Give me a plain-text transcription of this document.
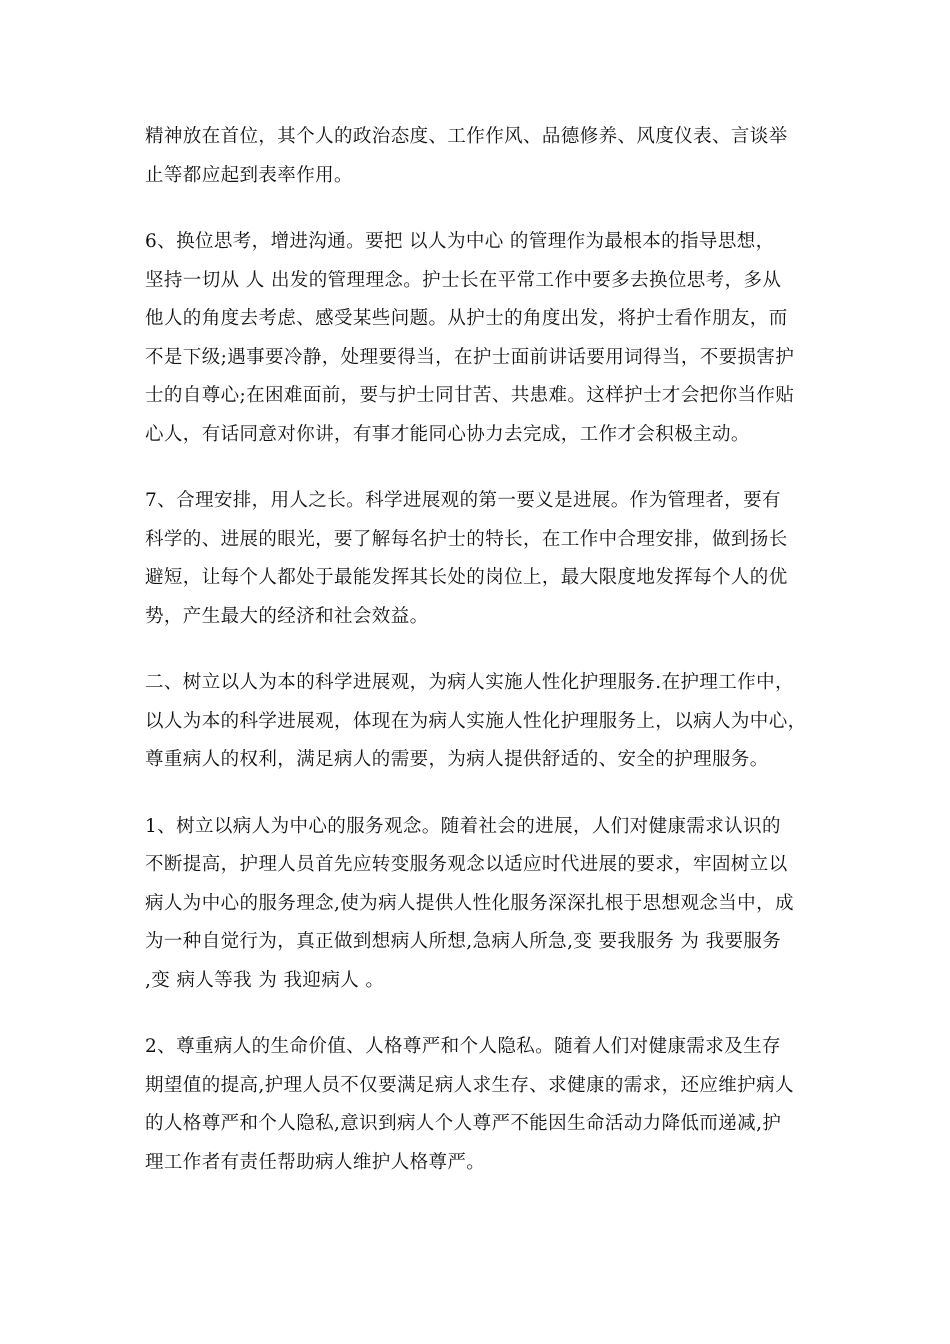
精神放在首位，其个人的政治态度、工作作风、品德修养、风度仪表、言谈举
止等都应起到表率作用。

6、换位思考，增进沟通。要把 以人为中心 的管理作为最根本的指导思想，
坚持一切从 人 出发的管理理念。护士长在平常工作中要多去换位思考，多从
他人的角度去考虑、感受某些问题。从护士的角度出发，将护士看作朋友，而
不是下级;遇事要冷静，处理要得当，在护士面前讲话要用词得当，不要损害护
士的自尊心;在困难面前，要与护士同甘苦、共患难。这样护士才会把你当作贴
心人，有话同意对你讲，有事才能同心协力去完成，工作才会积极主动。

7、合理安排，用人之长。科学进展观的第一要义是进展。作为管理者，要有
科学的、进展的眼光，要了解每名护士的特长，在工作中合理安排，做到扬长
避短，让每个人都处于最能发挥其长处的岗位上，最大限度地发挥每个人的优
势，产生最大的经济和社会效益。

二、树立以人为本的科学进展观，为病人实施人性化护理服务.在护理工作中，
以人为本的科学进展观，体现在为病人实施人性化护理服务上，以病人为中心，
尊重病人的权利，满足病人的需要，为病人提供舒适的、安全的护理服务。

1、树立以病人为中心的服务观念。随着社会的进展，人们对健康需求认识的
不断提高，护理人员首先应转变服务观念以适应时代进展的要求，牢固树立以
病人为中心的服务理念,使为病人提供人性化服务深深扎根于思想观念当中，成
为一种自觉行为，真正做到想病人所想,急病人所急,变 要我服务 为 我要服务
,变 病人等我 为 我迎病人 。

2、尊重病人的生命价值、人格尊严和个人隐私。随着人们对健康需求及生存
期望值的提高,护理人员不仅要满足病人求生存、求健康的需求，还应维护病人
的人格尊严和个人隐私,意识到病人个人尊严不能因生命活动力降低而递减,护
理工作者有责任帮助病人维护人格尊严。
